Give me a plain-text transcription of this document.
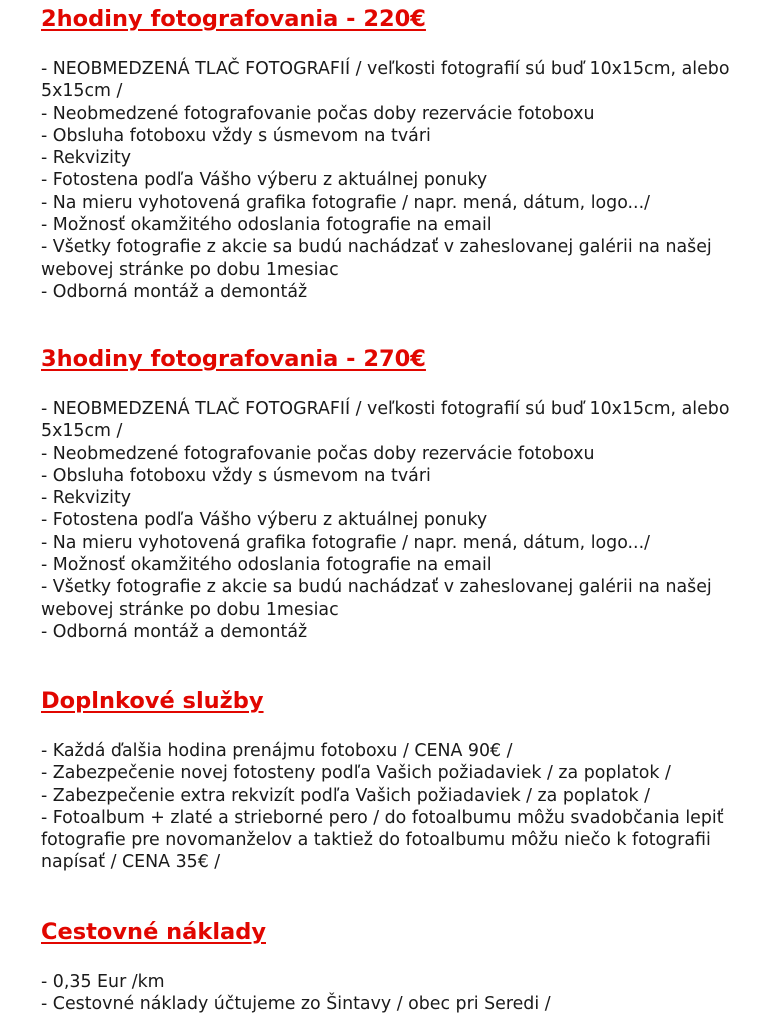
2hodiny fotografovania - 220€
- NEOBMEDZENÁ TLAČ FOTOGRAFIÍ / veľkosti fotografií sú buď 10x15cm, alebo 5x15cm /
- Neobmedzené fotografovanie počas doby rezervácie fotoboxu
- Obsluha fotoboxu vždy s úsmevom na tvári
- Rekvizity
- Fotostena podľa Vášho výberu z aktuálnej ponuky
- Na mieru vyhotovená grafika fotografie / napr. mená, dátum, logo.../
- Možnosť okamžitého odoslania fotografie na email
- Všetky fotografie z akcie sa budú nachádzať v zaheslovanej galérii na našej webovej stránke po dobu 1mesiac
- Odborná montáž a demontáž
3hodiny fotografovania - 270€
- NEOBMEDZENÁ TLAČ FOTOGRAFIÍ / veľkosti fotografií sú buď 10x15cm, alebo 5x15cm /
- Neobmedzené fotografovanie počas doby rezervácie fotoboxu
- Obsluha fotoboxu vždy s úsmevom na tvári
- Rekvizity
- Fotostena podľa Vášho výberu z aktuálnej ponuky
- Na mieru vyhotovená grafika fotografie / napr. mená, dátum, logo.../
- Možnosť okamžitého odoslania fotografie na email
- Všetky fotografie z akcie sa budú nachádzať v zaheslovanej galérii na našej webovej stránke po dobu 1mesiac
- Odborná montáž a demontáž
Doplnkové služby
- Každá ďalšia hodina prenájmu fotoboxu / CENA 90€ /
- Zabezpečenie novej fotosteny podľa Vašich požiadaviek / za poplatok /
- Zabezpečenie extra rekvizít podľa Vašich požiadaviek / za poplatok /
- Fotoalbum + zlaté a strieborné pero / do fotoalbumu môžu svadobčania lepiť fotografie pre novomanželov a taktiež do fotoalbumu môžu niečo k fotografii napísať / CENA 35€ /
Cestovné náklady
- 0,35 Eur /km
- Cestovné náklady účtujeme zo Šintavy / obec pri Seredi /
